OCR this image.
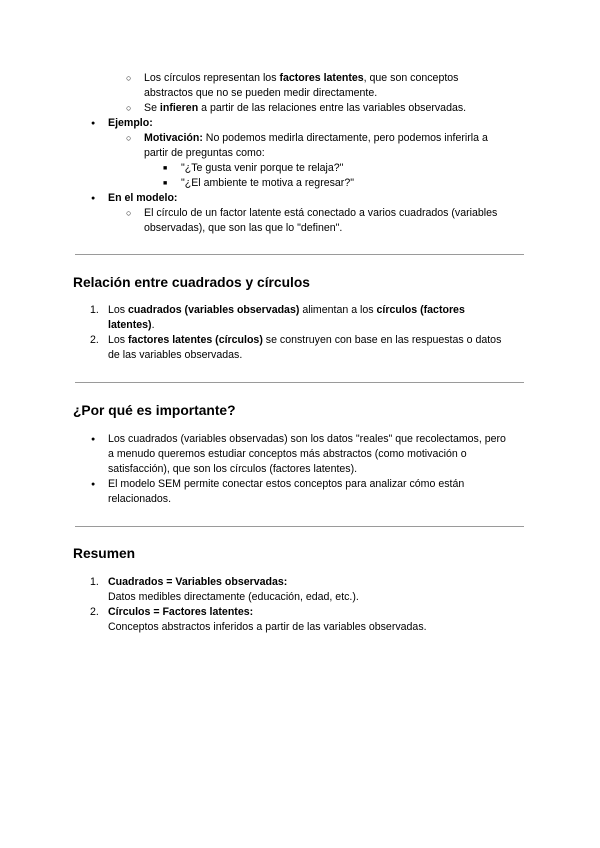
○
Los círculos representan los factores latentes, que son conceptos
abstractos que no se pueden medir directamente.
○
Se infieren a partir de las relaciones entre las variables observadas.
●
Ejemplo:
○
Motivación: No podemos medirla directamente, pero podemos inferirla a
partir de preguntas como:
■
"¿Te gusta venir porque te relaja?"
■
"¿El ambiente te motiva a regresar?"
●
En el modelo:
○
El círculo de un factor latente está conectado a varios cuadrados (variables
observadas), que son las que lo "definen".
Relación entre cuadrados y círculos
1. Los cuadrados (variables observadas) alimentan a los círculos (factores
latentes).
2. Los factores latentes (círculos) se construyen con base en las respuestas o datos
de las variables observadas.
¿Por qué es importante?
●
Los cuadrados (variables observadas) son los datos "reales" que recolectamos, pero
a menudo queremos estudiar conceptos más abstractos (como motivación o
satisfacción), que son los círculos (factores latentes).
●
El modelo SEM permite conectar estos conceptos para analizar cómo están
relacionados.
Resumen
1. Cuadrados = Variables observadas:
Datos medibles directamente (educación, edad, etc.).
2. Círculos = Factores latentes:
Conceptos abstractos inferidos a partir de las variables observadas.
